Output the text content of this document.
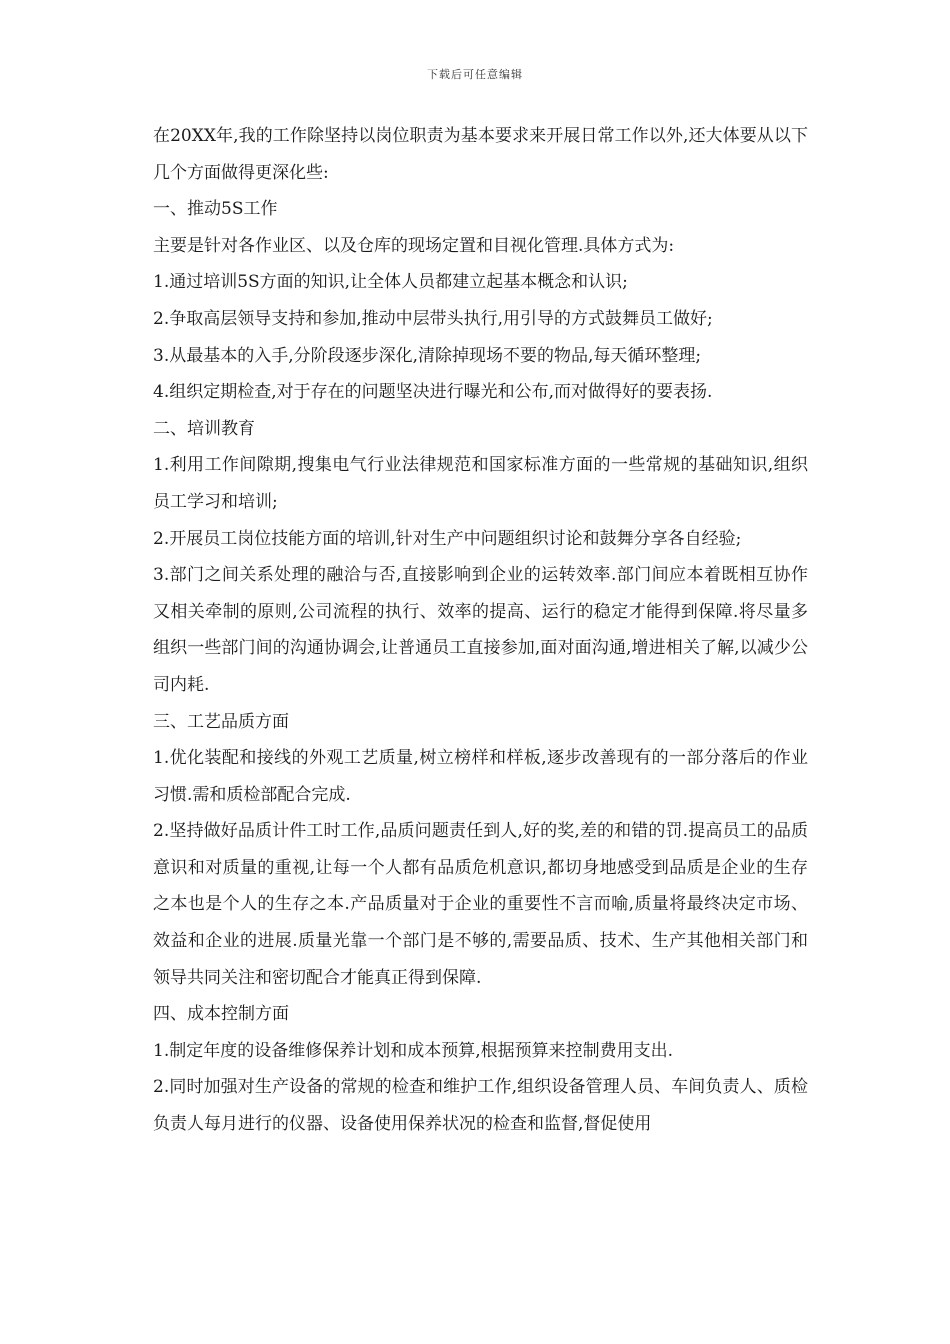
下载后可任意编辑

在20XX年,我的工作除坚持以岗位职责为基本要求来开展日常工作以外,还大体要从以下几个方面做得更深化些:

一、推动5S工作

主要是针对各作业区、以及仓库的现场定置和目视化管理.具体方式为:

1.通过培训5S方面的知识,让全体人员都建立起基本概念和认识;

2.争取高层领导支持和参加,推动中层带头执行,用引导的方式鼓舞员工做好;

3.从最基本的入手,分阶段逐步深化,清除掉现场不要的物品,每天循环整理;

4.组织定期检查,对于存在的问题坚决进行曝光和公布,而对做得好的要表扬.

二、培训教育

1.利用工作间隙期,搜集电气行业法律规范和国家标准方面的一些常规的基础知识,组织员工学习和培训;

2.开展员工岗位技能方面的培训,针对生产中问题组织讨论和鼓舞分享各自经验;

3.部门之间关系处理的融洽与否,直接影响到企业的运转效率.部门间应本着既相互协作又相关牵制的原则,公司流程的执行、效率的提高、运行的稳定才能得到保障.将尽量多组织一些部门间的沟通协调会,让普通员工直接参加,面对面沟通,增进相关了解,以减少公司内耗.

三、工艺品质方面

1.优化装配和接线的外观工艺质量,树立榜样和样板,逐步改善现有的一部分落后的作业习惯.需和质检部配合完成.

2.坚持做好品质计件工时工作,品质问题责任到人,好的奖,差的和错的罚.提高员工的品质意识和对质量的重视,让每一个人都有品质危机意识,都切身地感受到品质是企业的生存之本也是个人的生存之本.产品质量对于企业的重要性不言而喻,质量将最终决定市场、效益和企业的进展.质量光靠一个部门是不够的,需要品质、技术、生产其他相关部门和领导共同关注和密切配合才能真正得到保障.

四、成本控制方面

1.制定年度的设备维修保养计划和成本预算,根据预算来控制费用支出.

2.同时加强对生产设备的常规的检查和维护工作,组织设备管理人员、车间负责人、质检负责人每月进行的仪器、设备使用保养状况的检查和监督,督促使用
